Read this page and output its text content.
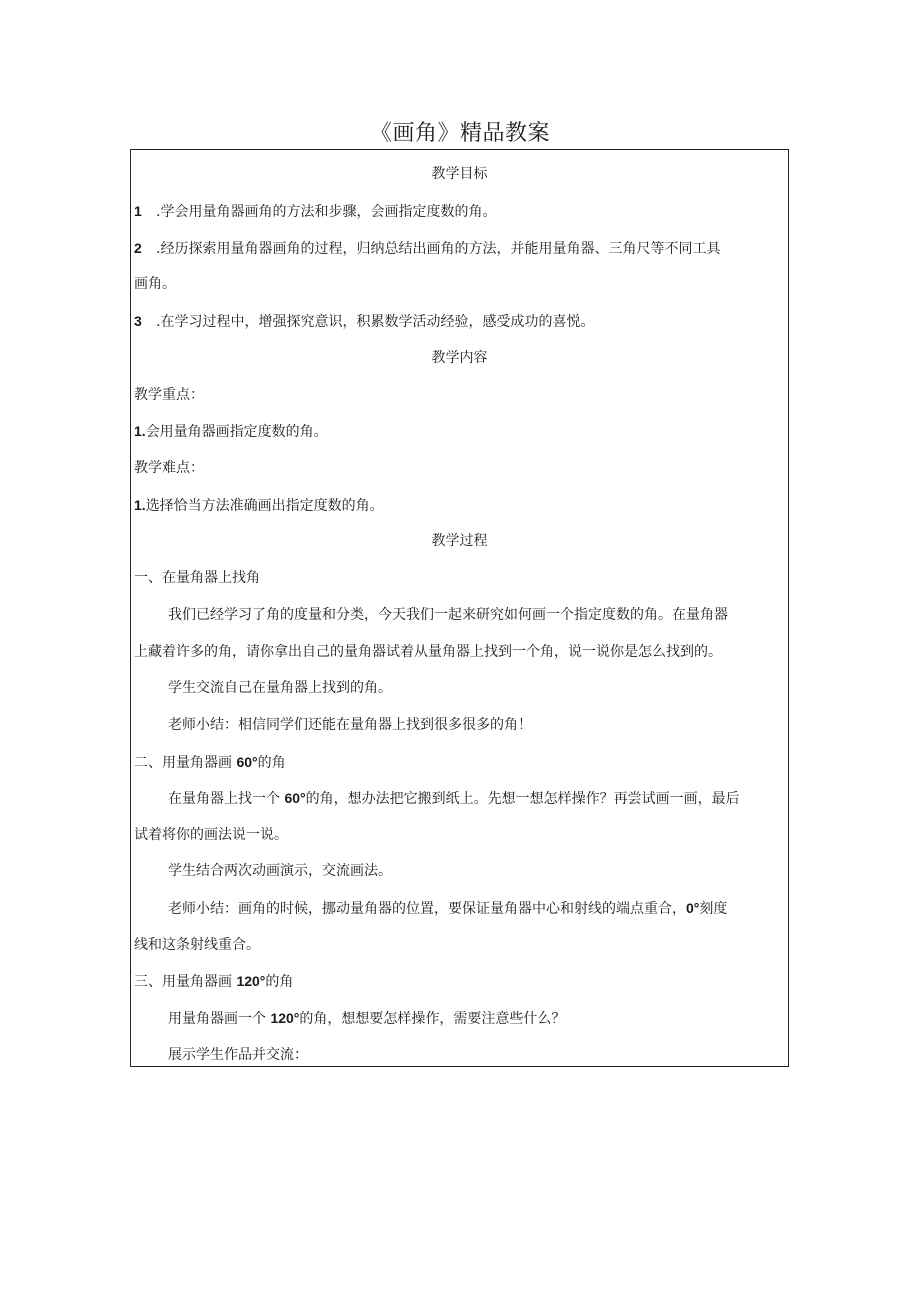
《画角》精品教案
教学目标
1 .学会用量角器画角的方法和步骤，会画指定度数的角。
2 .经历探索用量角器画角的过程，归纳总结出画角的方法，并能用量角器、三角尺等不同工具
画角。
3 .在学习过程中，增强探究意识，积累数学活动经验，感受成功的喜悦。
教学内容
教学重点：
1.会用量角器画指定度数的角。
教学难点：
1.选择恰当方法准确画出指定度数的角。
教学过程
一、在量角器上找角
我们已经学习了角的度量和分类，今天我们一起来研究如何画一个指定度数的角。在量角器
上藏着许多的角，请你拿出自己的量角器试着从量角器上找到一个角，说一说你是怎么找到的。
学生交流自己在量角器上找到的角。
老师小结：相信同学们还能在量角器上找到很多很多的角！
二、用量角器画 60°的角
在量角器上找一个 60°的角，想办法把它搬到纸上。先想一想怎样操作？再尝试画一画，最后
试着将你的画法说一说。
学生结合两次动画演示，交流画法。
老师小结：画角的时候，挪动量角器的位置，要保证量角器中心和射线的端点重合，0°刻度
线和这条射线重合。
三、用量角器画 120°的角
用量角器画一个 120°的角，想想要怎样操作，需要注意些什么？
展示学生作品并交流：
